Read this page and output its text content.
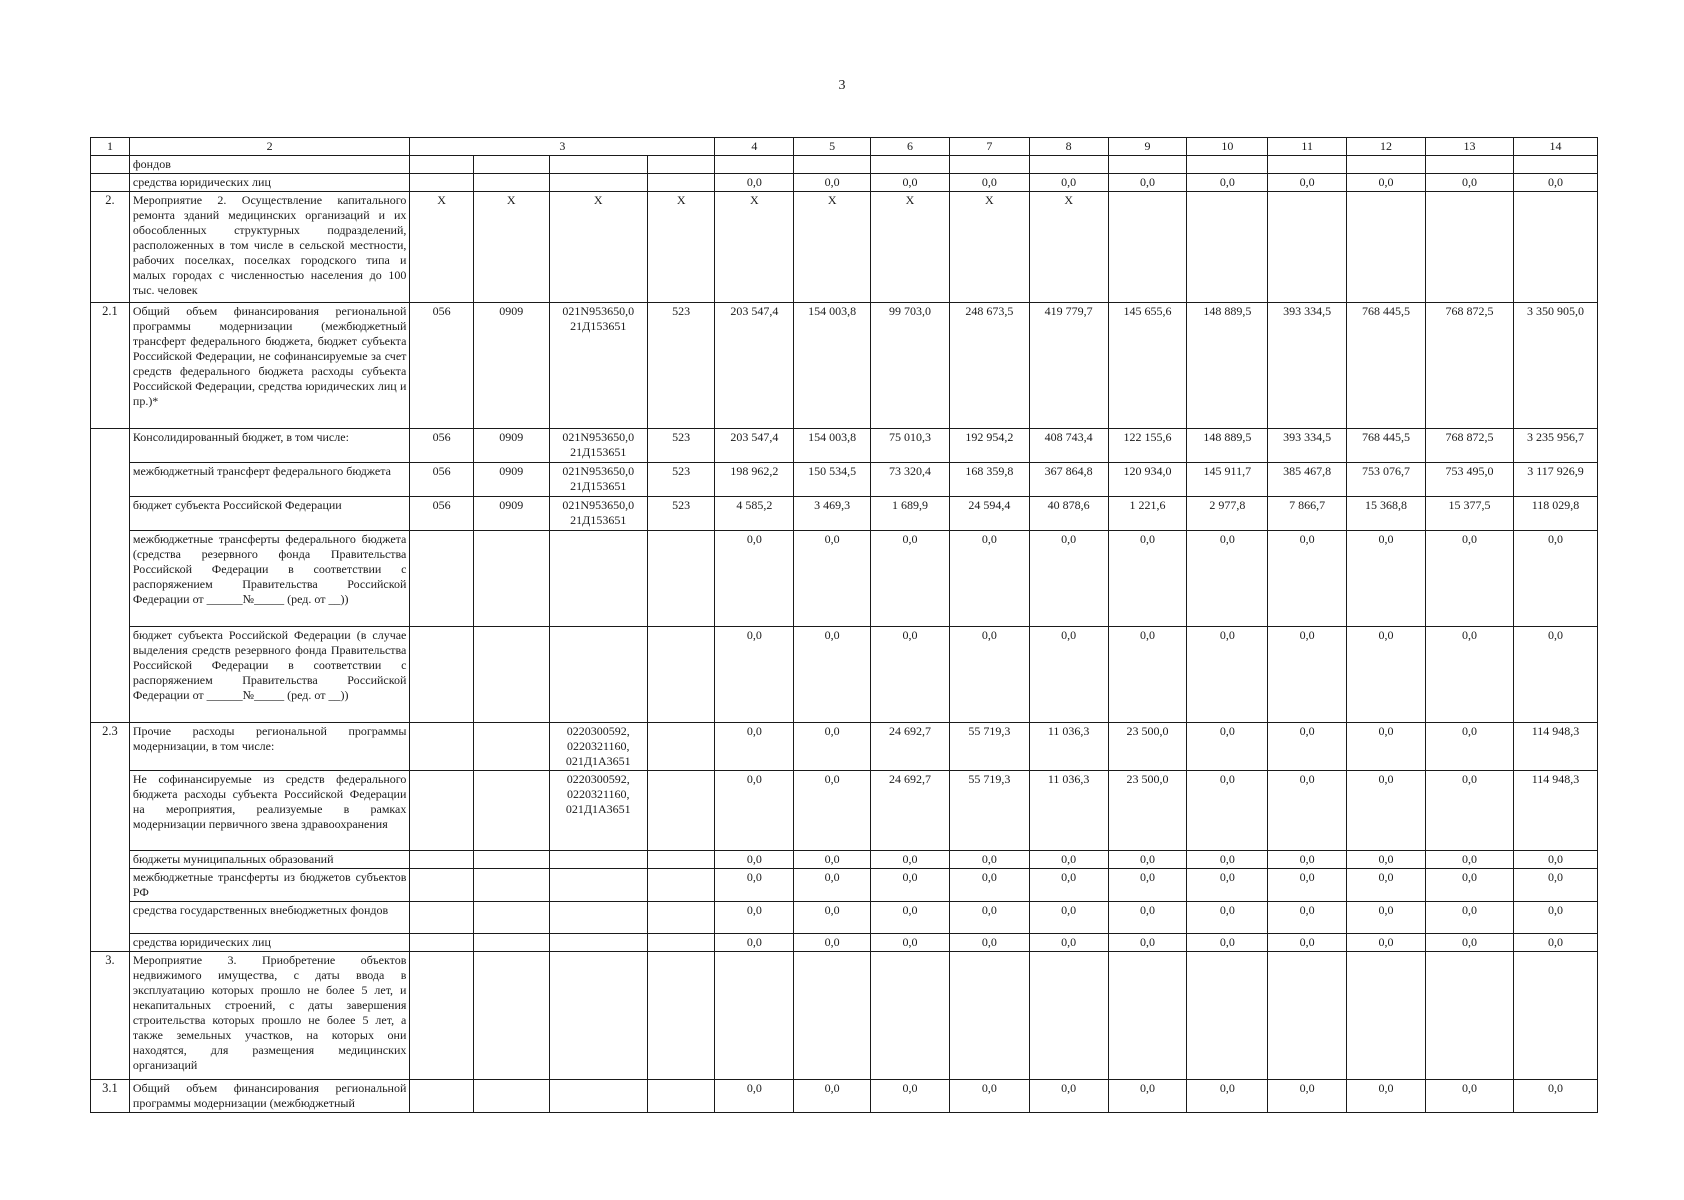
3
1	2	3				4	5	6	7	8	9	10	11	12	13	14
	фондов															
	средства юридических лиц					0,0	0,0	0,0	0,0	0,0	0,0	0,0	0,0	0,0	0,0	0,0
2.	Мероприятие 2. Осуществление капитального ремонта зданий медицинских организаций и их обособленных структурных подразделений, расположенных в том числе в сельской местности, рабочих поселках, поселках городского типа и малых городах с численностью населения до 100 тыс. человек	X	X	X	X	X	X	X	X	X						
2.1	Общий объем финансирования региональной программы модернизации (межбюджетный трансферт федерального бюджета, бюджет субъекта Российской Федерации, не софинансируемые за счет средств федерального бюджета расходы субъекта Российской Федерации, средства юридических лиц и пр.)*	056	0909	021N953650,0 21Д153651	523	203 547,4	154 003,8	99 703,0	248 673,5	419 779,7	145 655,6	148 889,5	393 334,5	768 445,5	768 872,5	3 350 905,0
	Консолидированный бюджет, в том числе:	056	0909	021N953650,0 21Д153651	523	203 547,4	154 003,8	75 010,3	192 954,2	408 743,4	122 155,6	148 889,5	393 334,5	768 445,5	768 872,5	3 235 956,7
	межбюджетный трансферт федерального бюджета	056	0909	021N953650,0 21Д153651	523	198 962,2	150 534,5	73 320,4	168 359,8	367 864,8	120 934,0	145 911,7	385 467,8	753 076,7	753 495,0	3 117 926,9
	бюджет субъекта Российской Федерации	056	0909	021N953650,0 21Д153651	523	4 585,2	3 469,3	1 689,9	24 594,4	40 878,6	1 221,6	2 977,8	7 866,7	15 368,8	15 377,5	118 029,8
	межбюджетные трансферты федерального бюджета (средства резервного фонда Правительства Российской Федерации в соответствии с распоряжением Правительства Российской Федерации от ______№_____ (ред. от __))					0,0	0,0	0,0	0,0	0,0	0,0	0,0	0,0	0,0	0,0	0,0
	бюджет субъекта Российской Федерации (в случае выделения средств резервного фонда Правительства Российской Федерации в соответствии с распоряжением Правительства Российской Федерации от ______№_____ (ред. от __))					0,0	0,0	0,0	0,0	0,0	0,0	0,0	0,0	0,0	0,0	0,0
2.3	Прочие расходы региональной программы модернизации, в том числе:			0220300592, 0220321160, 021Д1А3651		0,0	0,0	24 692,7	55 719,3	11 036,3	23 500,0	0,0	0,0	0,0	0,0	114 948,3
	Не софинансируемые из средств федерального бюджета расходы субъекта Российской Федерации на мероприятия, реализуемые в рамках модернизации первичного звена здравоохранения			0220300592, 0220321160, 021Д1А3651		0,0	0,0	24 692,7	55 719,3	11 036,3	23 500,0	0,0	0,0	0,0	0,0	114 948,3
	бюджеты муниципальных образований					0,0	0,0	0,0	0,0	0,0	0,0	0,0	0,0	0,0	0,0	0,0
	межбюджетные трансферты из бюджетов субъектов РФ					0,0	0,0	0,0	0,0	0,0	0,0	0,0	0,0	0,0	0,0	0,0
	средства государственных внебюджетных фондов					0,0	0,0	0,0	0,0	0,0	0,0	0,0	0,0	0,0	0,0	0,0
	средства юридических лиц					0,0	0,0	0,0	0,0	0,0	0,0	0,0	0,0	0,0	0,0	0,0
3.	Мероприятие 3. Приобретение объектов недвижимого имущества, с даты ввода в эксплуатацию которых прошло не более 5 лет, и некапитальных строений, с даты завершения строительства которых прошло не более 5 лет, а также земельных участков, на которых они находятся, для размещения медицинских организаций															
3.1	Общий объем финансирования региональной программы модернизации (межбюджетный					0,0	0,0	0,0	0,0	0,0	0,0	0,0	0,0	0,0	0,0	0,0
